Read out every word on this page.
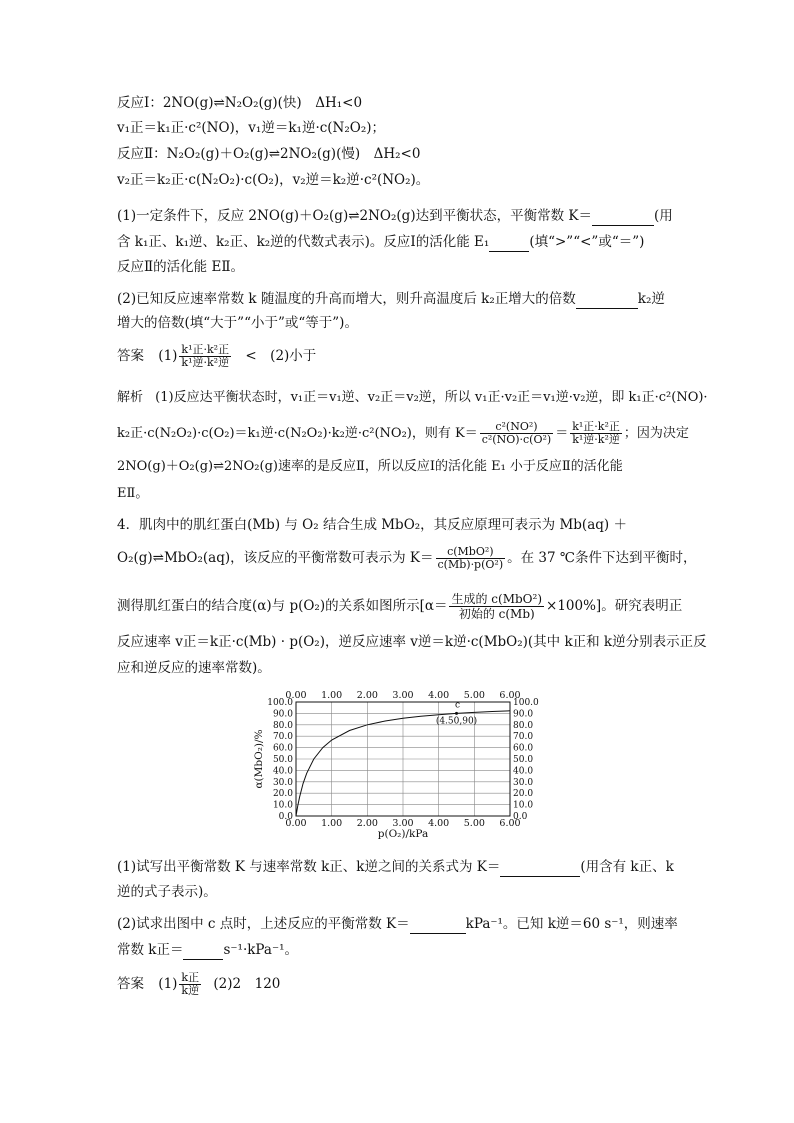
反应Ⅰ：2NO(g)⇌N₂O₂(g)(快)　ΔH₁<0
v₁正＝k₁正·c²(NO)，v₁逆＝k₁逆·c(N₂O₂)；
反应Ⅱ：N₂O₂(g)＋O₂(g)⇌2NO₂(g)(慢)　ΔH₂<0
v₂正＝k₂正·c(N₂O₂)·c(O₂)，v₂逆＝k₂逆·c²(NO₂)。
(1)一定条件下，反应 2NO(g)＋O₂(g)⇌2NO₂(g)达到平衡状态，平衡常数 K＝	(用
含 k₁正、k₁逆、k₂正、k₂逆的代数式表示)。反应Ⅰ的活化能 E₁	(填“>”“<”或“＝”)
反应Ⅱ的活化能 EⅡ。
(2)已知反应速率常数 k 随温度的升高而增大，则升高温度后 k₂正增大的倍数	k₂逆
增大的倍数(填“大于”“小于”或“等于”)。
答案 $(1) \frac{\text{k¹正·k²正}}{\text{k¹逆·k²逆}}$ <　(2)小于
解析 (1)反应达平衡状态时，v₁正＝v₁逆、v₂正＝v₂逆，所以 v₁正·v₂正＝v₁逆·v₂逆，即 k₁正·c²(NO)·
k₂正·c(N₂O₂)·c(O₂)＝k₁逆·c(N₂O₂)·k₂逆·c²(NO₂)，则有 $K= \frac{\text{c²(NO²)}}{\text{c²(NO)·c(O²)}} = \frac{\text{k¹正·k²正}}{\text{k¹逆·k²逆}}$ ；因为决定
2NO(g)＋O₂(g)⇌2NO₂(g)速率的是反应Ⅱ，所以反应Ⅰ的活化能 E₁ 小于反应Ⅱ的活化能
EⅡ。
4．肌肉中的肌红蛋白(Mb) 与 O₂ 结合生成 MbO₂，其反应原理可表示为 Mb(aq) ＋
O₂(g)⇌MbO₂(aq)，该反应的平衡常数可表示为 $K= \frac{\text{c(MbO²)}}{\text{c(Mb)·p(O²)}}$ 。在 37 ℃条件下达到平衡时，
测得肌红蛋白的结合度(α)与 p(O₂)的关系如图所示$[\alpha= \frac{\text{生成的 c(MbO²)}}{\text{初始的 c(Mb)}} \times 100\%]$。研究表明正
反应速率 v正＝k正·c(Mb) · p(O₂)，逆反应速率 v逆＝k逆·c(MbO₂)(其中 k正和 k逆分别表示正反
应和逆反应的速率常数)。
0.00
0.00
1.00
1.00
2.00
2.00
3.00
3.00
4.00
4.00
5.00
5.00
6.00
6.00
0.0	0.0
10.0	10.0
20.0	20.0
30.0	30.0
40.0	40.0
50.0	50.0
60.0	60.0
70.0	70.0
80.0	80.0
90.0	90.0
100.0	100.0
c
(4.50,90)
p(O₂)/kPa
α(MbO₂)/%
(1)试写出平衡常数 K 与速率常数 k正、k逆之间的关系式为 K＝	(用含有 k正、k
逆的式子表示)。
(2)试求出图中 c 点时，上述反应的平衡常数 K＝	kPa⁻¹。已知 k逆＝60 s⁻¹，则速率
常数 k正＝	s⁻¹·kPa⁻¹。
答案 $(1) \frac{\text{k正}}{\text{k逆}} (2)2$　120
